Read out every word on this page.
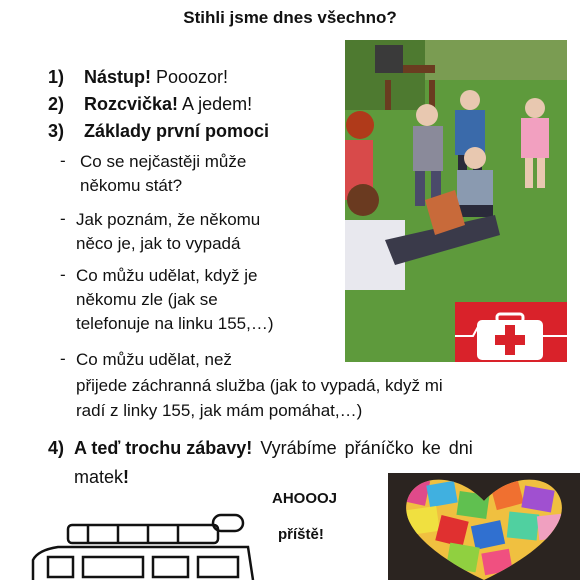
Stihli jsme dnes všechno?
1) Nástup! Pooozor!
2) Rozcvička! A jedem!
3) Základy první pomoci
- Co se nejčastěji může
někomu stát?
- Jak poznám, že někomu
něco je, jak to vypadá
- Co můžu udělat, když je
někomu zle (jak se
telefonuje na linku 155,…)
- Co můžu udělat, než
přijede záchranná služba (jak to vypadá, když mi
radí z linky 155, jak mám pomáhat,…)
4) A teď trochu zábavy! Vyrábíme přáníčko ke dni
matek!
AHOOOJ
příště!
